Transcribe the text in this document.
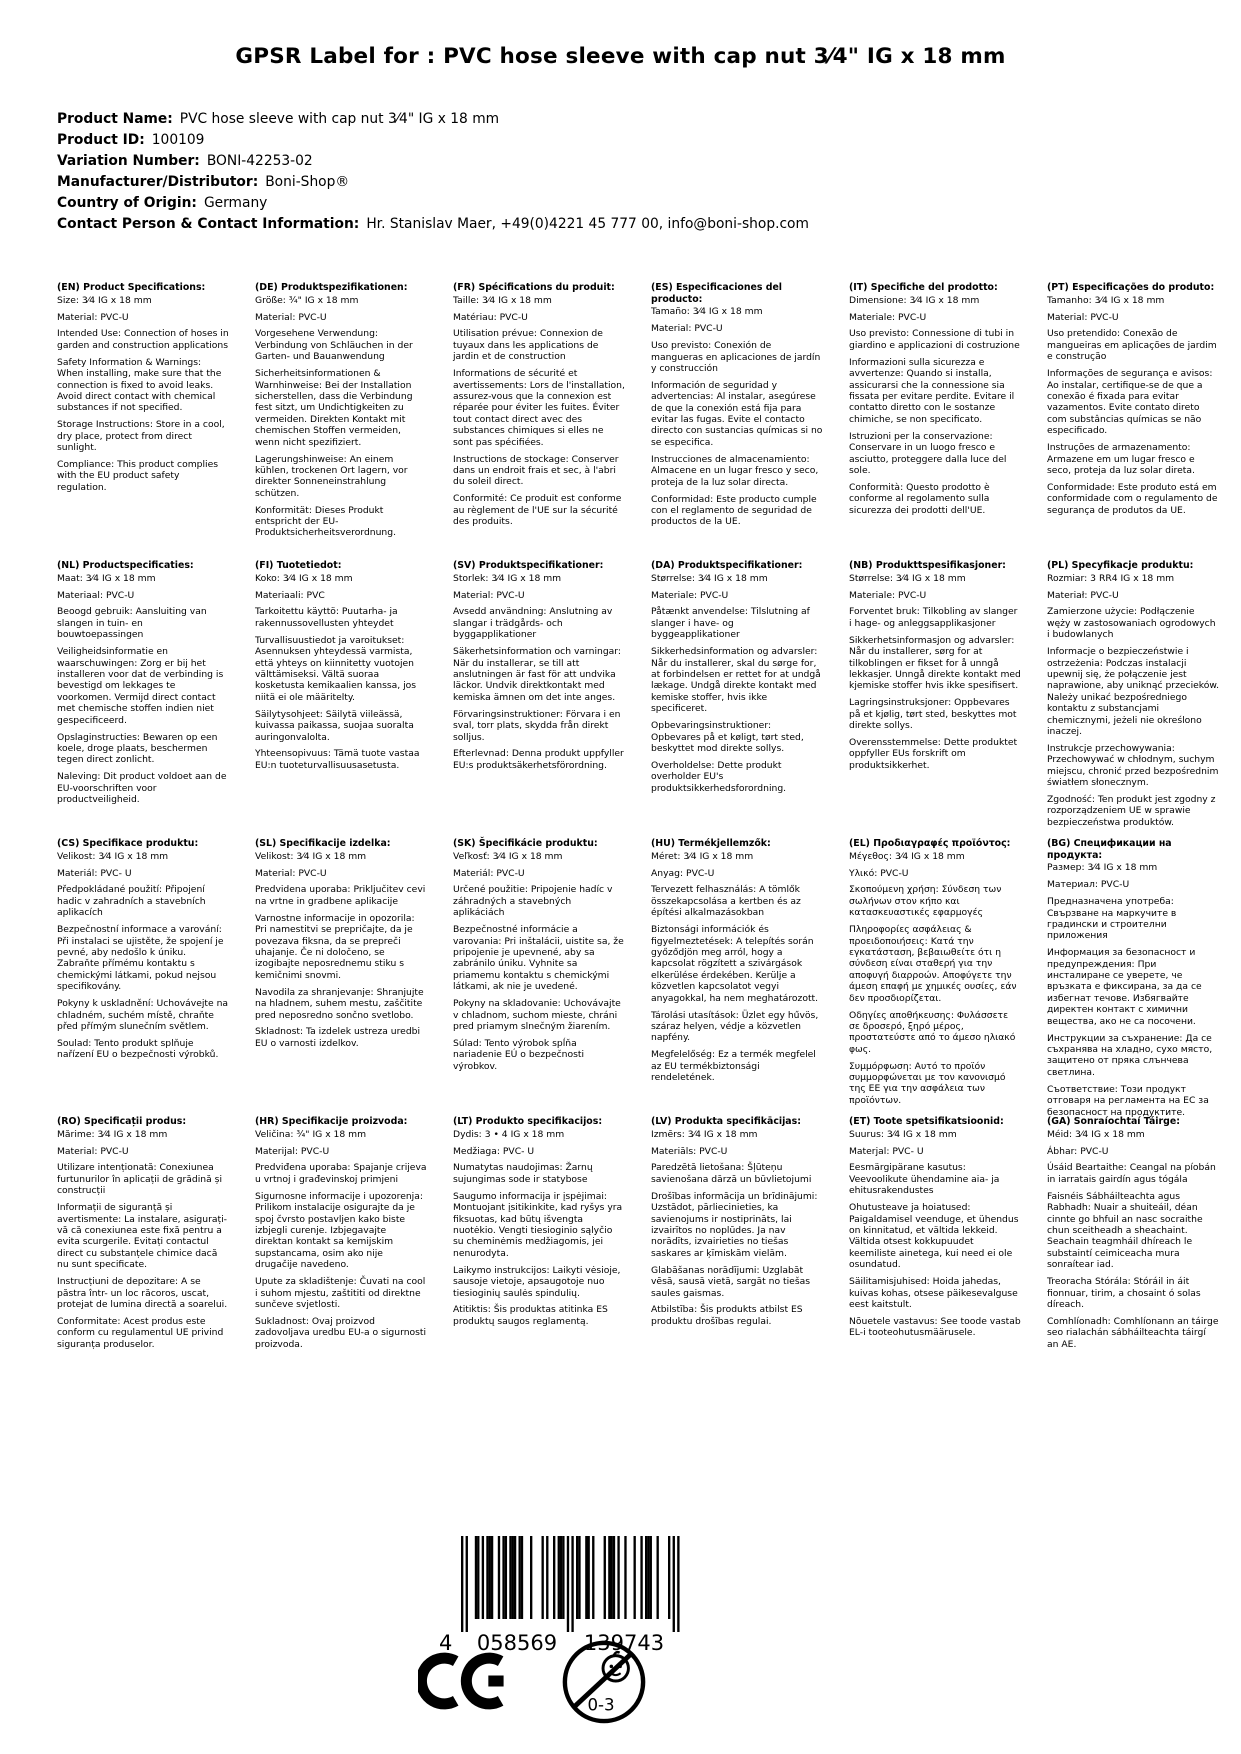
GPSR Label for : PVC hose sleeve with cap nut 3⁄4" IG x 18 mm
Product Name: PVC hose sleeve with cap nut 3⁄4" IG x 18 mm
Product ID: 100109
Variation Number: BONI-42253-02
Manufacturer/Distributor: Boni-Shop®
Country of Origin: Germany
Contact Person & Contact Information: Hr. Stanislav Maer, +49(0)4221 45 777 00, info@boni-shop.com
(EN) Product Specifications:

Size: 3⁄4 IG x 18 mm

Material: PVC-U

Intended Use: Connection of hoses in garden and construction applications

Safety Information & Warnings: When installing, make sure that the connection is fixed to avoid leaks. Avoid direct contact with chemical substances if not specified.

Storage Instructions: Store in a cool, dry place, protect from direct sunlight.

Compliance: This product complies with the EU product safety regulation.

(DE) Produktspezifikationen:

Größe: ¾" IG x 18 mm

Material: PVC-U

Vorgesehene Verwendung: Verbindung von Schläuchen in der Garten- und Bauanwendung

Sicherheitsinformationen & Warnhinweise: Bei der Installation sicherstellen, dass die Verbindung fest sitzt, um Undichtigkeiten zu vermeiden. Direkten Kontakt mit chemischen Stoffen vermeiden, wenn nicht spezifiziert.

Lagerungshinweise: An einem kühlen, trockenen Ort lagern, vor direkter Sonneneinstrahlung schützen.

Konformität: Dieses Produkt entspricht der EU-Produktsicherheitsverordnung.

(FR) Spécifications du produit:

Taille: 3⁄4 IG x 18 mm

Matériau: PVC-U

Utilisation prévue: Connexion de tuyaux dans les applications de jardin et de construction

Informations de sécurité et avertissements: Lors de l'installation, assurez-vous que la connexion est réparée pour éviter les fuites. Éviter tout contact direct avec des substances chimiques si elles ne sont pas spécifiées.

Instructions de stockage: Conserver dans un endroit frais et sec, à l'abri du soleil direct.

Conformité: Ce produit est conforme au règlement de l'UE sur la sécurité des produits.

(ES) Especificaciones del producto:

Tamaño: 3⁄4 IG x 18 mm

Material: PVC-U

Uso previsto: Conexión de mangueras en aplicaciones de jardín y construcción

Información de seguridad y advertencias: Al instalar, asegúrese de que la conexión está fija para evitar las fugas. Evite el contacto directo con sustancias químicas si no se especifica.

Instrucciones de almacenamiento: Almacene en un lugar fresco y seco, proteja de la luz solar directa.

Conformidad: Este producto cumple con el reglamento de seguridad de productos de la UE.

(IT) Specifiche del prodotto:

Dimensione: 3⁄4 IG x 18 mm

Materiale: PVC-U

Uso previsto: Connessione di tubi in giardino e applicazioni di costruzione

Informazioni sulla sicurezza e avvertenze: Quando si installa, assicurarsi che la connessione sia fissata per evitare perdite. Evitare il contatto diretto con le sostanze chimiche, se non specificato.

Istruzioni per la conservazione: Conservare in un luogo fresco e asciutto, proteggere dalla luce del sole.

Conformità: Questo prodotto è conforme al regolamento sulla sicurezza dei prodotti dell'UE.

(PT) Especificações do produto:

Tamanho: 3⁄4 IG x 18 mm

Material: PVC-U

Uso pretendido: Conexão de mangueiras em aplicações de jardim e construção

Informações de segurança e avisos: Ao instalar, certifique-se de que a conexão é fixada para evitar vazamentos. Evite contato direto com substâncias químicas se não especificado.

Instruções de armazenamento: Armazene em um lugar fresco e seco, proteja da luz solar direta.

Conformidade: Este produto está em conformidade com o regulamento de segurança de produtos da UE.

(NL) Productspecificaties:

Maat: 3⁄4 IG x 18 mm

Materiaal: PVC-U

Beoogd gebruik: Aansluiting van slangen in tuin- en bouwtoepassingen

Veiligheidsinformatie en waarschuwingen: Zorg er bij het installeren voor dat de verbinding is bevestigd om lekkages te voorkomen. Vermijd direct contact met chemische stoffen indien niet gespecificeerd.

Opslaginstructies: Bewaren op een koele, droge plaats, beschermen tegen direct zonlicht.

Naleving: Dit product voldoet aan de EU-voorschriften voor productveiligheid.

(FI) Tuotetiedot:

Koko: 3⁄4 IG x 18 mm

Materiaali: PVC

Tarkoitettu käyttö: Puutarha- ja rakennussovellusten yhteydet

Turvallisuustiedot ja varoitukset: Asennuksen yhteydessä varmista, että yhteys on kiinnitetty vuotojen välttämiseksi. Vältä suoraa kosketusta kemikaalien kanssa, jos niitä ei ole määritelty.

Säilytysohjeet: Säilytä viileässä, kuivassa paikassa, suojaa suoralta auringonvalolta.

Yhteensopivuus: Tämä tuote vastaa EU:n tuoteturvallisuusasetusta.

(SV) Produktspecifikationer:

Storlek: 3⁄4 IG x 18 mm

Material: PVC-U

Avsedd användning: Anslutning av slangar i trädgårds- och byggapplikationer

Säkerhetsinformation och varningar: När du installerar, se till att anslutningen är fast för att undvika läckor. Undvik direktkontakt med kemiska ämnen om det inte anges.

Förvaringsinstruktioner: Förvara i en sval, torr plats, skydda från direkt solljus.

Efterlevnad: Denna produkt uppfyller EU:s produktsäkerhetsförordning.

(DA) Produktspecifikationer:

Størrelse: 3⁄4 IG x 18 mm

Materiale: PVC-U

Påtænkt anvendelse: Tilslutning af slanger i have- og byggeapplikationer

Sikkerhedsinformation og advarsler: Når du installerer, skal du sørge for, at forbindelsen er rettet for at undgå lækage. Undgå direkte kontakt med kemiske stoffer, hvis ikke specificeret.

Opbevaringsinstruktioner: Opbevares på et køligt, tørt sted, beskyttet mod direkte sollys.

Overholdelse: Dette produkt overholder EU's produktsikkerhedsforordning.

(NB) Produkttspesifikasjoner:

Størrelse: 3⁄4 IG x 18 mm

Materiale: PVC-U

Forventet bruk: Tilkobling av slanger i hage- og anleggsapplikasjoner

Sikkerhetsinformasjon og advarsler: Når du installerer, sørg for at tilkoblingen er fikset for å unngå lekkasjer. Unngå direkte kontakt med kjemiske stoffer hvis ikke spesifisert.

Lagringsinstruksjoner: Oppbevares på et kjølig, tørt sted, beskyttes mot direkte sollys.

Overensstemmelse: Dette produktet oppfyller EUs forskrift om produktsikkerhet.

(PL) Specyfikacje produktu:

Rozmiar: 3 RR4 IG x 18 mm

Materiał: PVC-U

Zamierzone użycie: Podłączenie węży w zastosowaniach ogrodowych i budowlanych

Informacje o bezpieczeństwie i ostrzeżenia: Podczas instalacji upewnij się, że połączenie jest naprawione, aby uniknąć przecieków. Należy unikać bezpośredniego kontaktu z substancjami chemicznymi, jeżeli nie określono inaczej.

Instrukcje przechowywania: Przechowywać w chłodnym, suchym miejscu, chronić przed bezpośrednim światłem słonecznym.

Zgodność: Ten produkt jest zgodny z rozporządzeniem UE w sprawie bezpieczeństwa produktów.

(CS) Specifikace produktu:

Velikost: 3⁄4 IG x 18 mm

Materiál: PVC- U

Předpokládané použití: Připojení hadic v zahradních a stavebních aplikacích

Bezpečnostní informace a varování: Při instalaci se ujistěte, že spojení je pevné, aby nedošlo k úniku. Zabraňte přímému kontaktu s chemickými látkami, pokud nejsou specifikovány.

Pokyny k uskladnění: Uchovávejte na chladném, suchém místě, chraňte před přímým slunečním světlem.

Soulad: Tento produkt splňuje nařízení EU o bezpečnosti výrobků.

(SL) Specifikacije izdelka:

Velikost: 3⁄4 IG x 18 mm

Material: PVC-U

Predvidena uporaba: Priključitev cevi na vrtne in gradbene aplikacije

Varnostne informacije in opozorila: Pri namestitvi se prepričajte, da je povezava fiksna, da se prepreči uhajanje. Če ni določeno, se izogibajte neposrednemu stiku s kemičnimi snovmi.

Navodila za shranjevanje: Shranjujte na hladnem, suhem mestu, zaščitite pred neposredno sončno svetlobo.

Skladnost: Ta izdelek ustreza uredbi EU o varnosti izdelkov.

(SK) Špecifikácie produktu:

Veľkosť: 3⁄4 IG x 18 mm

Materiál: PVC-U

Určené použitie: Pripojenie hadíc v záhradných a stavebných aplikáciách

Bezpečnostné informácie a varovania: Pri inštalácii, uistite sa, že pripojenie je upevnené, aby sa zabránilo úniku. Vyhnite sa priamemu kontaktu s chemickými látkami, ak nie je uvedené.

Pokyny na skladovanie: Uchovávajte v chladnom, suchom mieste, chráni pred priamym slnečným žiarením.

Súlad: Tento výrobok spĺňa nariadenie EÚ o bezpečnosti výrobkov.

(HU) Termékjellemzők:

Méret: 3⁄4 IG x 18 mm

Anyag: PVC-U

Tervezett felhasználás: A tömlők összekapcsolása a kertben és az építési alkalmazásokban

Biztonsági információk és figyelmeztetések: A telepítés során győződjön meg arról, hogy a kapcsolat rögzített a szivárgások elkerülése érdekében. Kerülje a közvetlen kapcsolatot vegyi anyagokkal, ha nem meghatározott.

Tárolási utasítások: Üzlet egy hűvös, száraz helyen, védje a közvetlen napfény.

Megfelelőség: Ez a termék megfelel az EU termékbiztonsági rendeletének.

(EL) Προδιαγραφές προϊόντος:

Μέγεθος: 3⁄4 IG x 18 mm

Υλικό: PVC-U

Σκοπούμενη χρήση: Σύνδεση των σωλήνων στον κήπο και κατασκευαστικές εφαρμογές

Πληροφορίες ασφάλειας & προειδοποιήσεις: Κατά την εγκατάσταση, βεβαιωθείτε ότι η σύνδεση είναι σταθερή για την αποφυγή διαρροών. Αποφύγετε την άμεση επαφή με χημικές ουσίες, εάν δεν προσδιορίζεται.

Οδηγίες αποθήκευσης: Φυλάσσετε σε δροσερό, ξηρό μέρος, προστατεύστε από το άμεσο ηλιακό φως.

Συμμόρφωση: Αυτό το προϊόν συμμορφώνεται με τον κανονισμό της ΕΕ για την ασφάλεια των προϊόντων.

(BG) Спецификации на продукта:

Размер: 3⁄4 IG x 18 mm

Материал: PVC-U

Предназначена употреба: Свързване на маркучите в градински и строителни приложения

Информация за безопасност и предупреждения: При инсталиране се уверете, че връзката е фиксирана, за да се избегнат течове. Избягвайте директен контакт с химични вещества, ако не са посочени.

Инструкции за съхранение: Да се съхранява на хладно, сухо място, защитено от пряка слънчева светлина.

Съответствие: Този продукт отговаря на регламента на ЕС за безопасност на продуктите.

(RO) Specificații produs:

Mărime: 3⁄4 IG x 18 mm

Material: PVC-U

Utilizare intenționată: Conexiunea furtunurilor în aplicații de grădină și construcții

Informații de siguranță și avertismente: La instalare, asigurați-vă că conexiunea este fixă pentru a evita scurgerile. Evitați contactul direct cu substanțele chimice dacă nu sunt specificate.

Instrucțiuni de depozitare: A se păstra într- un loc răcoros, uscat, protejat de lumina directă a soarelui.

Conformitate: Acest produs este conform cu regulamentul UE privind siguranța produselor.

(HR) Specifikacije proizvoda:

Veličina: ¾" IG x 18 mm

Materijal: PVC-U

Predviđena uporaba: Spajanje crijeva u vrtnoj i građevinskoj primjeni

Sigurnosne informacije i upozorenja: Prilikom instalacije osigurajte da je spoj čvrsto postavljen kako biste izbjegli curenje. Izbjegavajte direktan kontakt sa kemijskim supstancama, osim ako nije drugačije navedeno.

Upute za skladištenje: Čuvati na cool i suhom mjestu, zaštititi od direktne sunčeve svjetlosti.

Sukladnost: Ovaj proizvod zadovoljava uredbu EU-a o sigurnosti proizvoda.

(LT) Produkto specifikacijos:

Dydis: 3 • 4 IG x 18 mm

Medžiaga: PVC- U

Numatytas naudojimas: Žarnų sujungimas sode ir statybose

Saugumo informacija ir įspėjimai: Montuojant įsitikinkite, kad ryšys yra fiksuotas, kad būtų išvengta nuotėkio. Vengti tiesioginio sąlyčio su cheminėmis medžiagomis, jei nenurodyta.

Laikymo instrukcijos: Laikyti vėsioje, sausoje vietoje, apsaugotoje nuo tiesioginių saulės spindulių.

Atitiktis: Šis produktas atitinka ES produktų saugos reglamentą.

(LV) Produkta specifikācijas:

Izmērs: 3⁄4 IG x 18 mm

Materiāls: PVC-U

Paredzētā lietošana: Šļūteņu savienošana dārzā un būvlietojumi

Drošības informācija un brīdinājumi: Uzstādot, pārliecinieties, ka savienojums ir nostiprināts, lai izvairītos no noplūdes. Ja nav norādīts, izvairieties no tiešas saskares ar ķīmiskām vielām.

Glabāšanas norādījumi: Uzglabāt vēsā, sausā vietā, sargāt no tiešas saules gaismas.

Atbilstība: Šis produkts atbilst ES produktu drošības regulai.

(ET) Toote spetsifikatsioonid:

Suurus: 3⁄4 IG x 18 mm

Materjal: PVC- U

Eesmärgipärane kasutus: Veevoolikute ühendamine aia- ja ehitusrakendustes

Ohutusteave ja hoiatused: Paigaldamisel veenduge, et ühendus on kinnitatud, et vältida lekkeid. Vältida otsest kokkupuudet keemiliste ainetega, kui need ei ole osundatud.

Säilitamisjuhised: Hoida jahedas, kuivas kohas, otsese päikesevalguse eest kaitstult.

Nõuetele vastavus: See toode vastab EL-i tooteohutusmäärusele.

(GA) Sonraíochtaí Táirge:

Méid: 3⁄4 IG x 18 mm

Ábhar: PVC-U

Úsáid Beartaithe: Ceangal na píobán in iarratais gairdín agus tógála

Faisnéis Sábháilteachta agus Rabhadh: Nuair a shuiteáil, déan cinnte go bhfuil an nasc socraithe chun sceitheadh a sheachaint. Seachain teagmháil dhíreach le substaintí ceimiceacha mura sonraítear iad.

Treoracha Stórála: Stóráil in áit fionnuar, tirim, a chosaint ó solas díreach.

Comhlíonadh: Comhlíonann an táirge seo rialachán sábháilteachta táirgí an AE.

4 058569 139743
0-3
